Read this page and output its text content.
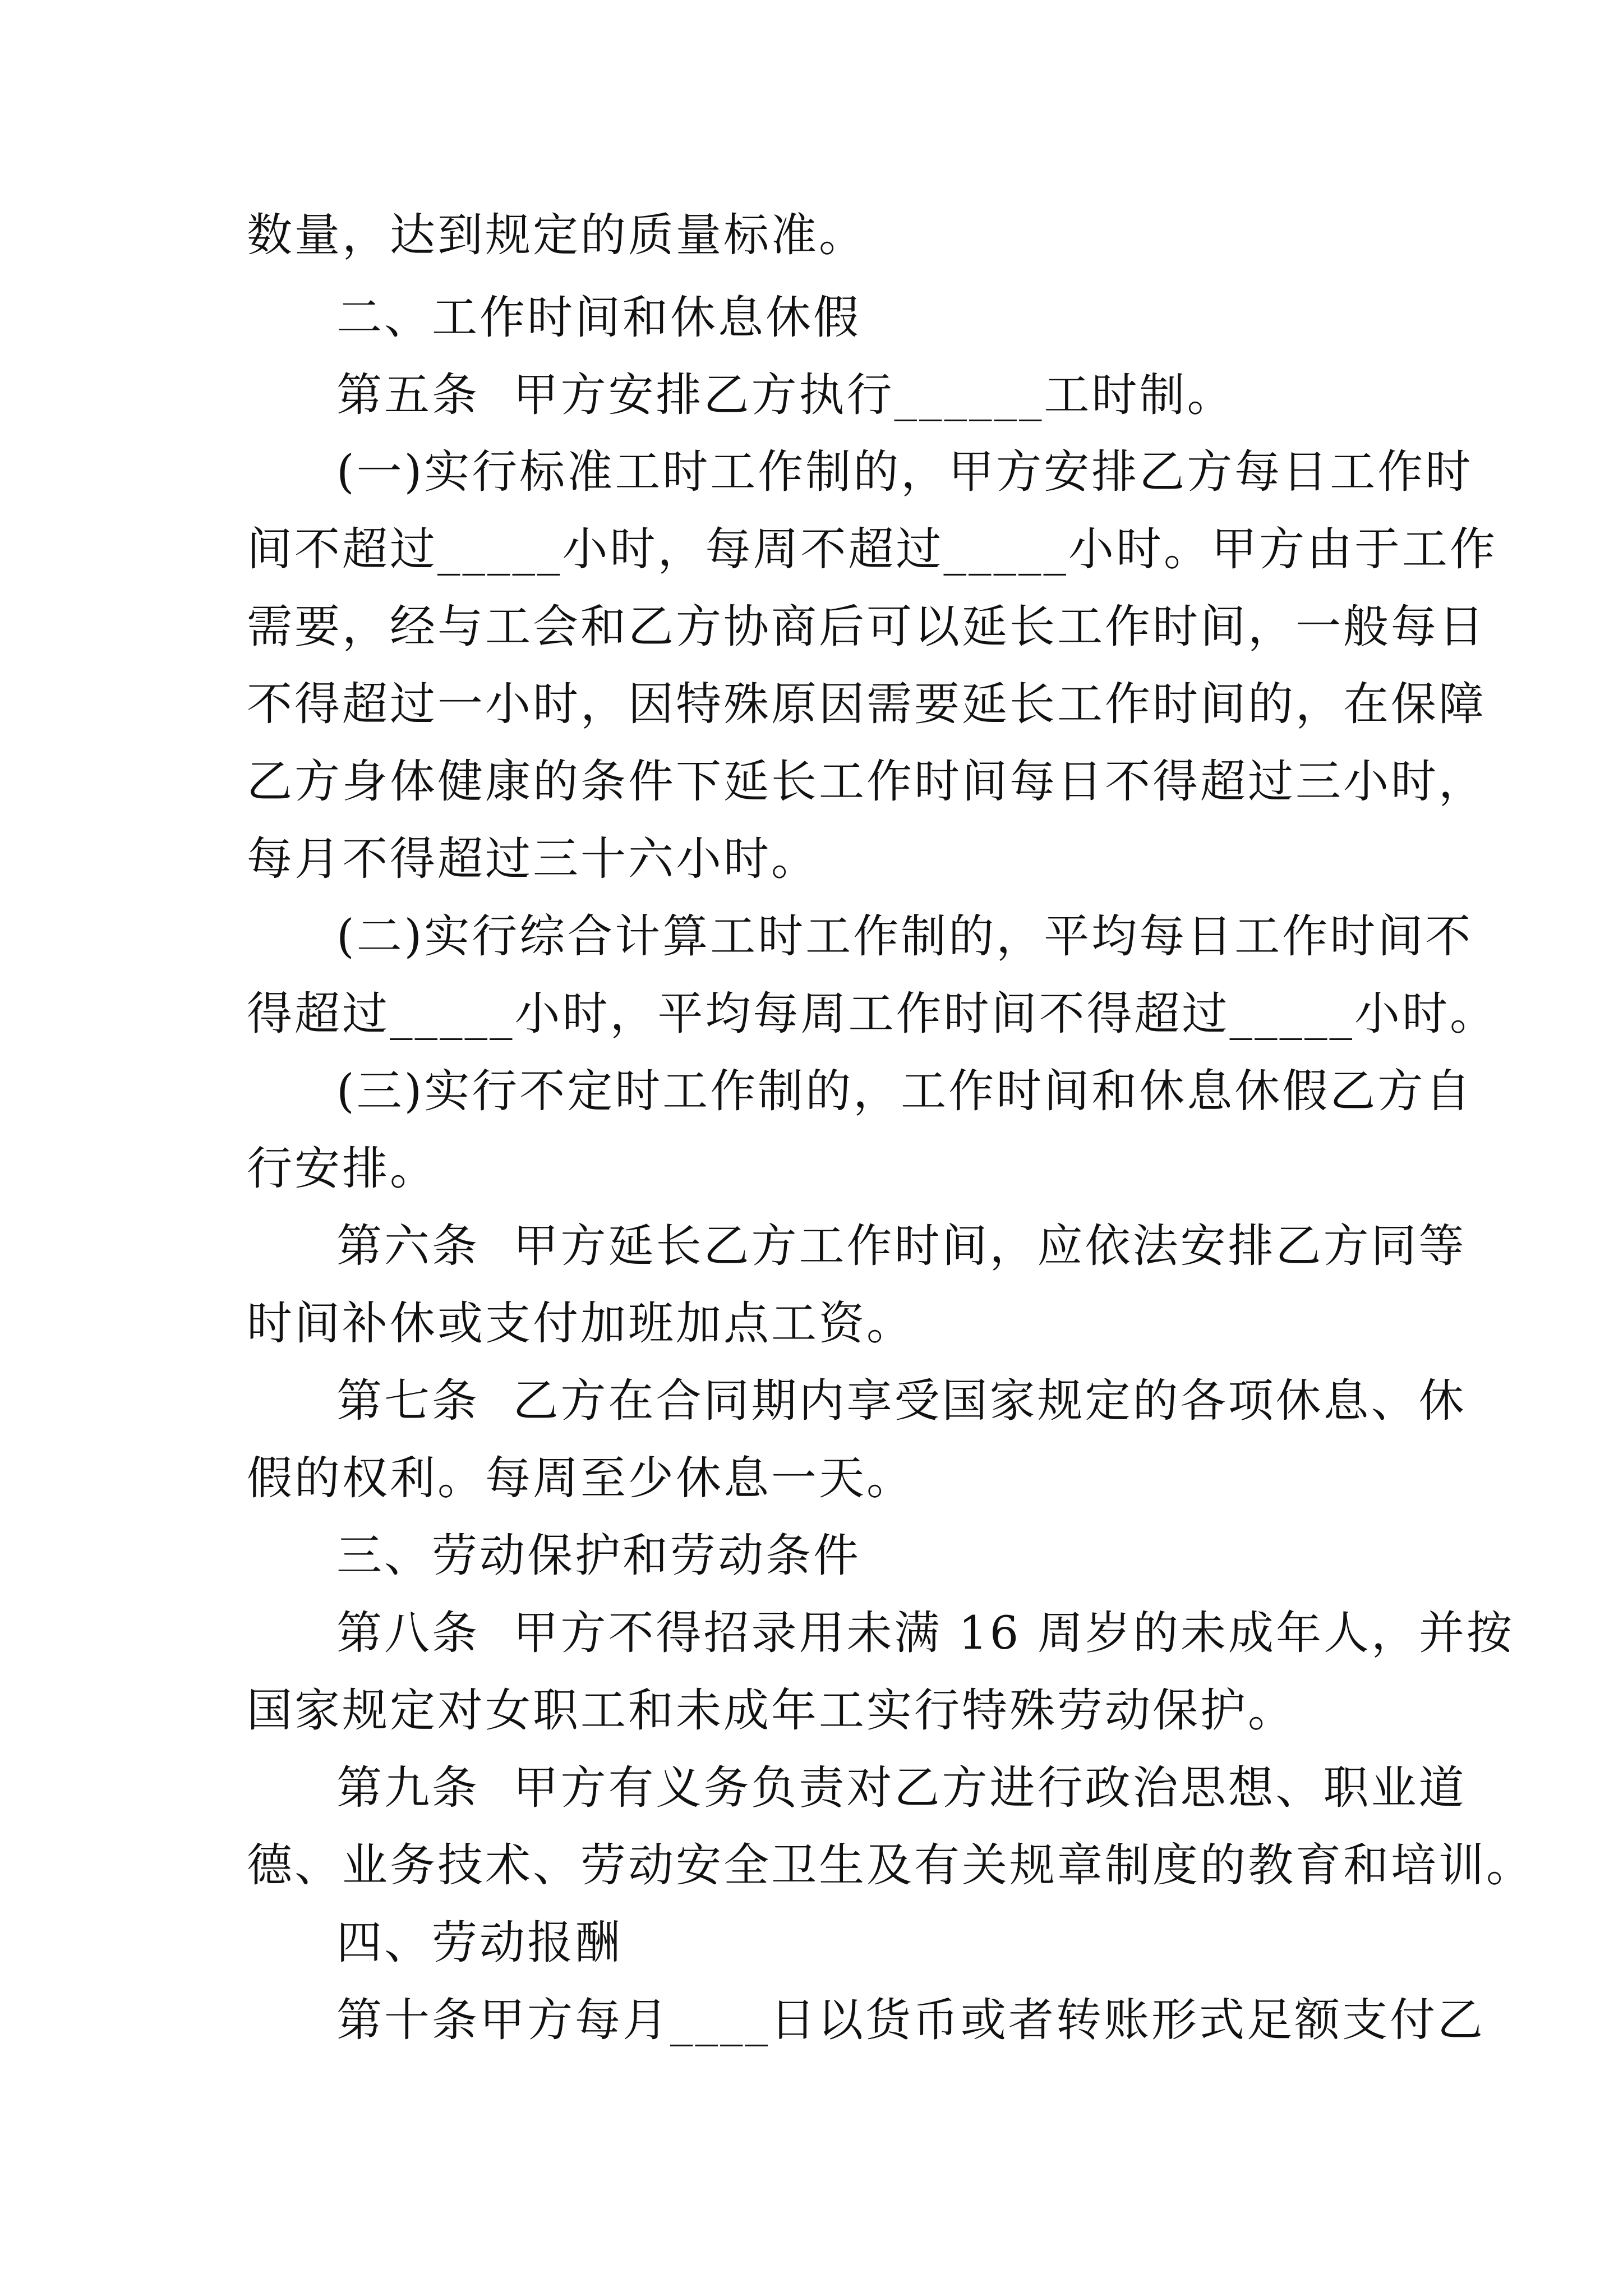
数量，达到规定的质量标准。
二、工作时间和休息休假
第五条  甲方安排乙方执行______工时制。
(一)实行标准工时工作制的，甲方安排乙方每日工作时
间不超过_____小时，每周不超过_____小时。甲方由于工作
需要，经与工会和乙方协商后可以延长工作时间，一般每日
不得超过一小时，因特殊原因需要延长工作时间的，在保障
乙方身体健康的条件下延长工作时间每日不得超过三小时，
每月不得超过三十六小时。
(二)实行综合计算工时工作制的，平均每日工作时间不
得超过_____小时，平均每周工作时间不得超过_____小时。
(三)实行不定时工作制的，工作时间和休息休假乙方自
行安排。
第六条  甲方延长乙方工作时间，应依法安排乙方同等
时间补休或支付加班加点工资。
第七条  乙方在合同期内享受国家规定的各项休息、休
假的权利。每周至少休息一天。
三、劳动保护和劳动条件
第八条  甲方不得招录用未满 16 周岁的未成年人，并按
国家规定对女职工和未成年工实行特殊劳动保护。
第九条  甲方有义务负责对乙方进行政治思想、职业道
德、业务技术、劳动安全卫生及有关规章制度的教育和培训。
四、劳动报酬
第十条甲方每月____日以货币或者转账形式足额支付乙
